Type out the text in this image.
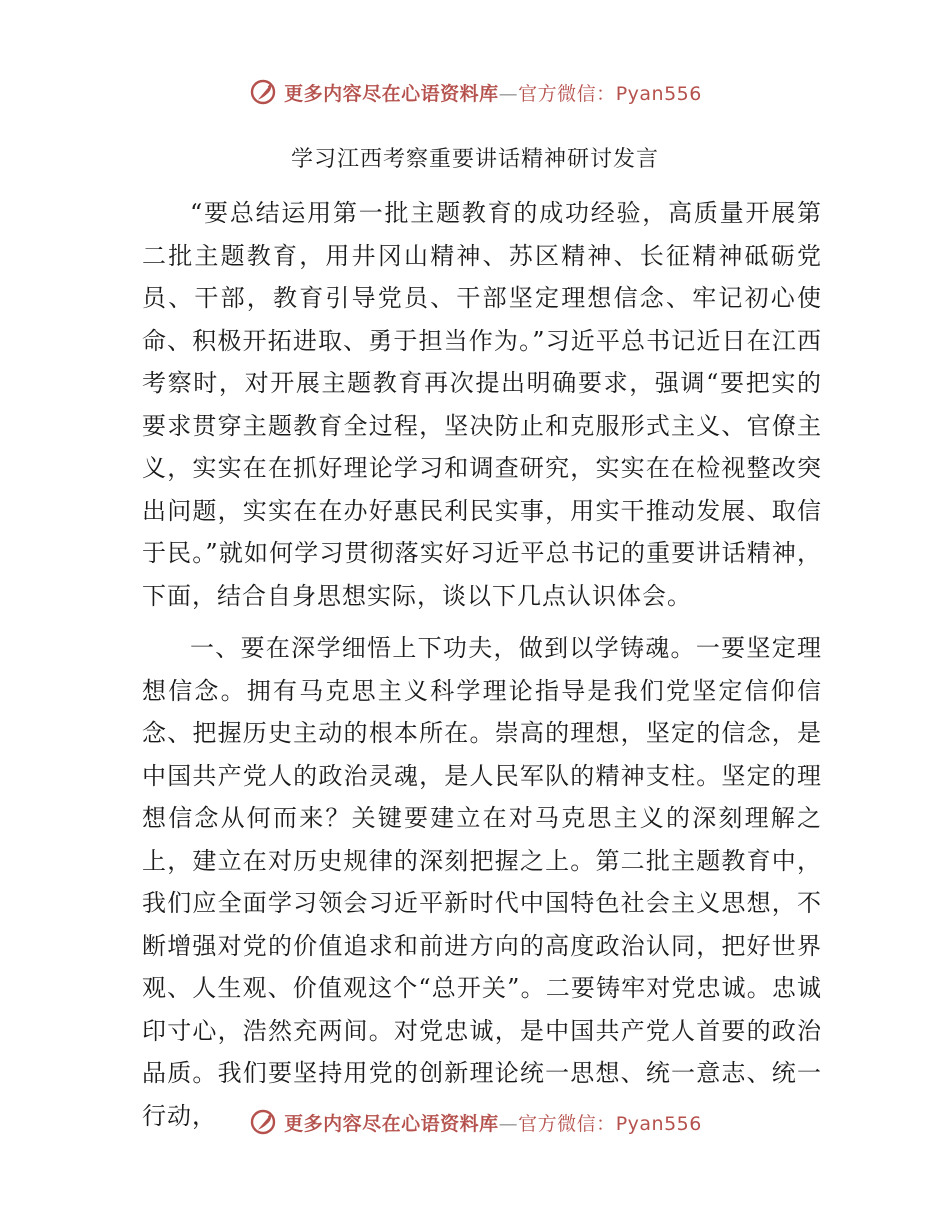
更多内容尽在心语资料库—官方微信：Pyan556
学习江西考察重要讲话精神研讨发言

“要总结运用第一批主题教育的成功经验，高质量开展第二批主题教育，用井冈山精神、苏区精神、长征精神砥砺党员、干部，教育引导党员、干部坚定理想信念、牢记初心使命、积极开拓进取、勇于担当作为。”习近平总书记近日在江西考察时，对开展主题教育再次提出明确要求，强调“要把实的要求贯穿主题教育全过程，坚决防止和克服形式主义、官僚主义，实实在在抓好理论学习和调查研究，实实在在检视整改突出问题，实实在在办好惠民利民实事，用实干推动发展、取信于民。”就如何学习贯彻落实好习近平总书记的重要讲话精神，下面，结合自身思想实际，谈以下几点认识体会。

一、要在深学细悟上下功夫，做到以学铸魂。一要坚定理想信念。拥有马克思主义科学理论指导是我们党坚定信仰信念、把握历史主动的根本所在。崇高的理想，坚定的信念，是中国共产党人的政治灵魂，是人民军队的精神支柱。坚定的理想信念从何而来？关键要建立在对马克思主义的深刻理解之上，建立在对历史规律的深刻把握之上。第二批主题教育中，我们应全面学习领会习近平新时代中国特色社会主义思想，不断增强对党的价值追求和前进方向的高度政治认同，把好世界观、人生观、价值观这个“总开关”。二要铸牢对党忠诚。忠诚印寸心，浩然充两间。对党忠诚，是中国共产党人首要的政治品质。我们要坚持用党的创新理论统一思想、统一意志、统一行动，	更多内容尽在心语资料库—官方微信：Pyan556
